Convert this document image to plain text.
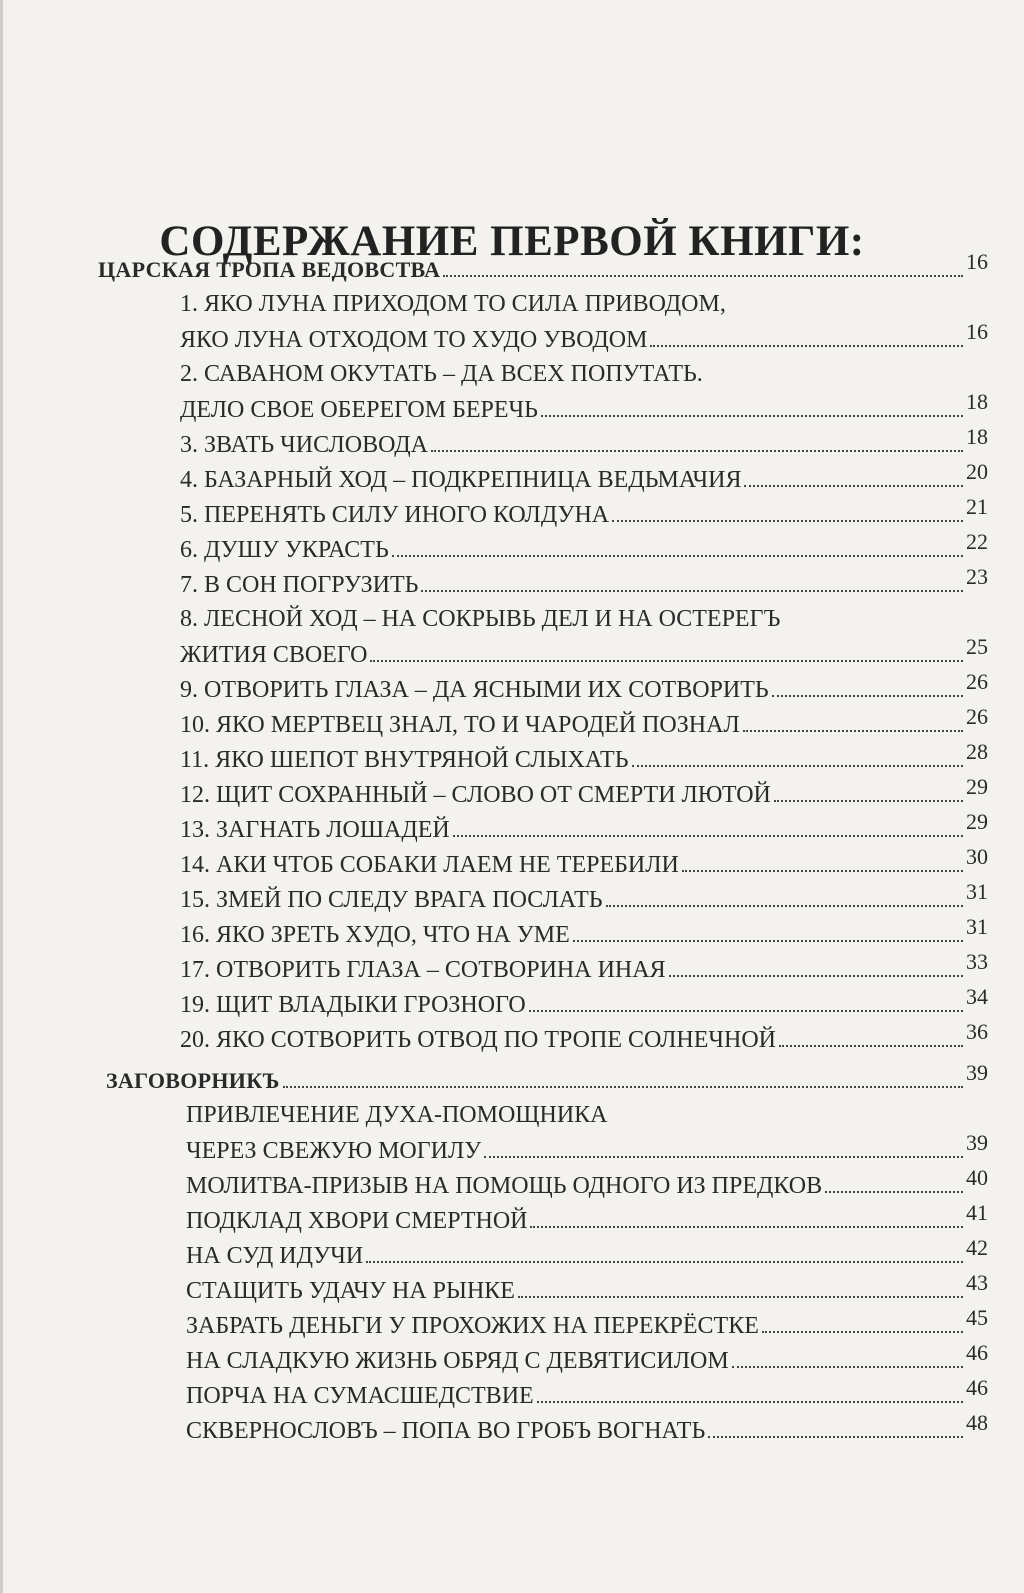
СОДЕРЖАНИЕ ПЕРВОЙ КНИГИ:
ЦАРСКАЯ ТРОПА ВЕДОВСТВА	16
1. ЯКО ЛУНА ПРИХОДОМ ТО СИЛА ПРИВОДОМ,
ЯКО ЛУНА ОТХОДОМ ТО ХУДО УВОДОМ	16
2. САВАНОМ ОКУТАТЬ – ДА ВСЕХ ПОПУТАТЬ.
ДЕЛО СВОЕ ОБЕРЕГОМ БЕРЕЧЬ	18
3. ЗВАТЬ ЧИСЛОВОДА	18
4. БАЗАРНЫЙ ХОД – ПОДКРЕПНИЦА ВЕДЬМАЧИЯ	20
5. ПЕРЕНЯТЬ СИЛУ ИНОГО КОЛДУНА	21
6. ДУШУ УКРАСТЬ	22
7. В СОН ПОГРУЗИТЬ	23
8. ЛЕСНОЙ ХОД – НА СОКРЫВЬ ДЕЛ И НА ОСТЕРЕГЪ
ЖИТИЯ СВОЕГО	25
9. ОТВОРИТЬ ГЛАЗА – ДА ЯСНЫМИ ИХ СОТВОРИТЬ	26
10. ЯКО МЕРТВЕЦ ЗНАЛ, ТО И ЧАРОДЕЙ ПОЗНАЛ	26
11. ЯКО ШЕПОТ ВНУТРЯНОЙ СЛЫХАТЬ	28
12. ЩИТ СОХРАННЫЙ – СЛОВО ОТ СМЕРТИ ЛЮТОЙ	29
13. ЗАГНАТЬ ЛОШАДЕЙ	29
14. АКИ ЧТОБ СОБАКИ ЛАЕМ НЕ ТЕРЕБИЛИ	30
15. ЗМЕЙ ПО СЛЕДУ ВРАГА ПОСЛАТЬ	31
16. ЯКО ЗРЕТЬ ХУДО, ЧТО НА УМЕ	31
17. ОТВОРИТЬ ГЛАЗА – СОТВОРИНА ИНАЯ	33
19. ЩИТ ВЛАДЫКИ ГРОЗНОГО	34
20. ЯКО СОТВОРИТЬ ОТВОД ПО ТРОПЕ СОЛНЕЧНОЙ	36
ЗАГОВОРНИКЪ	39
ПРИВЛЕЧЕНИЕ ДУХА-ПОМОЩНИКА
ЧЕРЕЗ СВЕЖУЮ МОГИЛУ	39
МОЛИТВА-ПРИЗЫВ НА ПОМОЩЬ ОДНОГО ИЗ ПРЕДКОВ	40
ПОДКЛАД ХВОРИ СМЕРТНОЙ	41
НА СУД ИДУЧИ	42
СТАЩИТЬ УДАЧУ НА РЫНКЕ	43
ЗАБРАТЬ ДЕНЬГИ У ПРОХОЖИХ НА ПЕРЕКРЁСТКЕ	45
НА СЛАДКУЮ ЖИЗНЬ ОБРЯД С ДЕВЯТИСИЛОМ	46
ПОРЧА НА СУМАСШЕДСТВИЕ	46
СКВЕРНОСЛОВЪ – ПОПА ВО ГРОБЪ ВОГНАТЬ	48
